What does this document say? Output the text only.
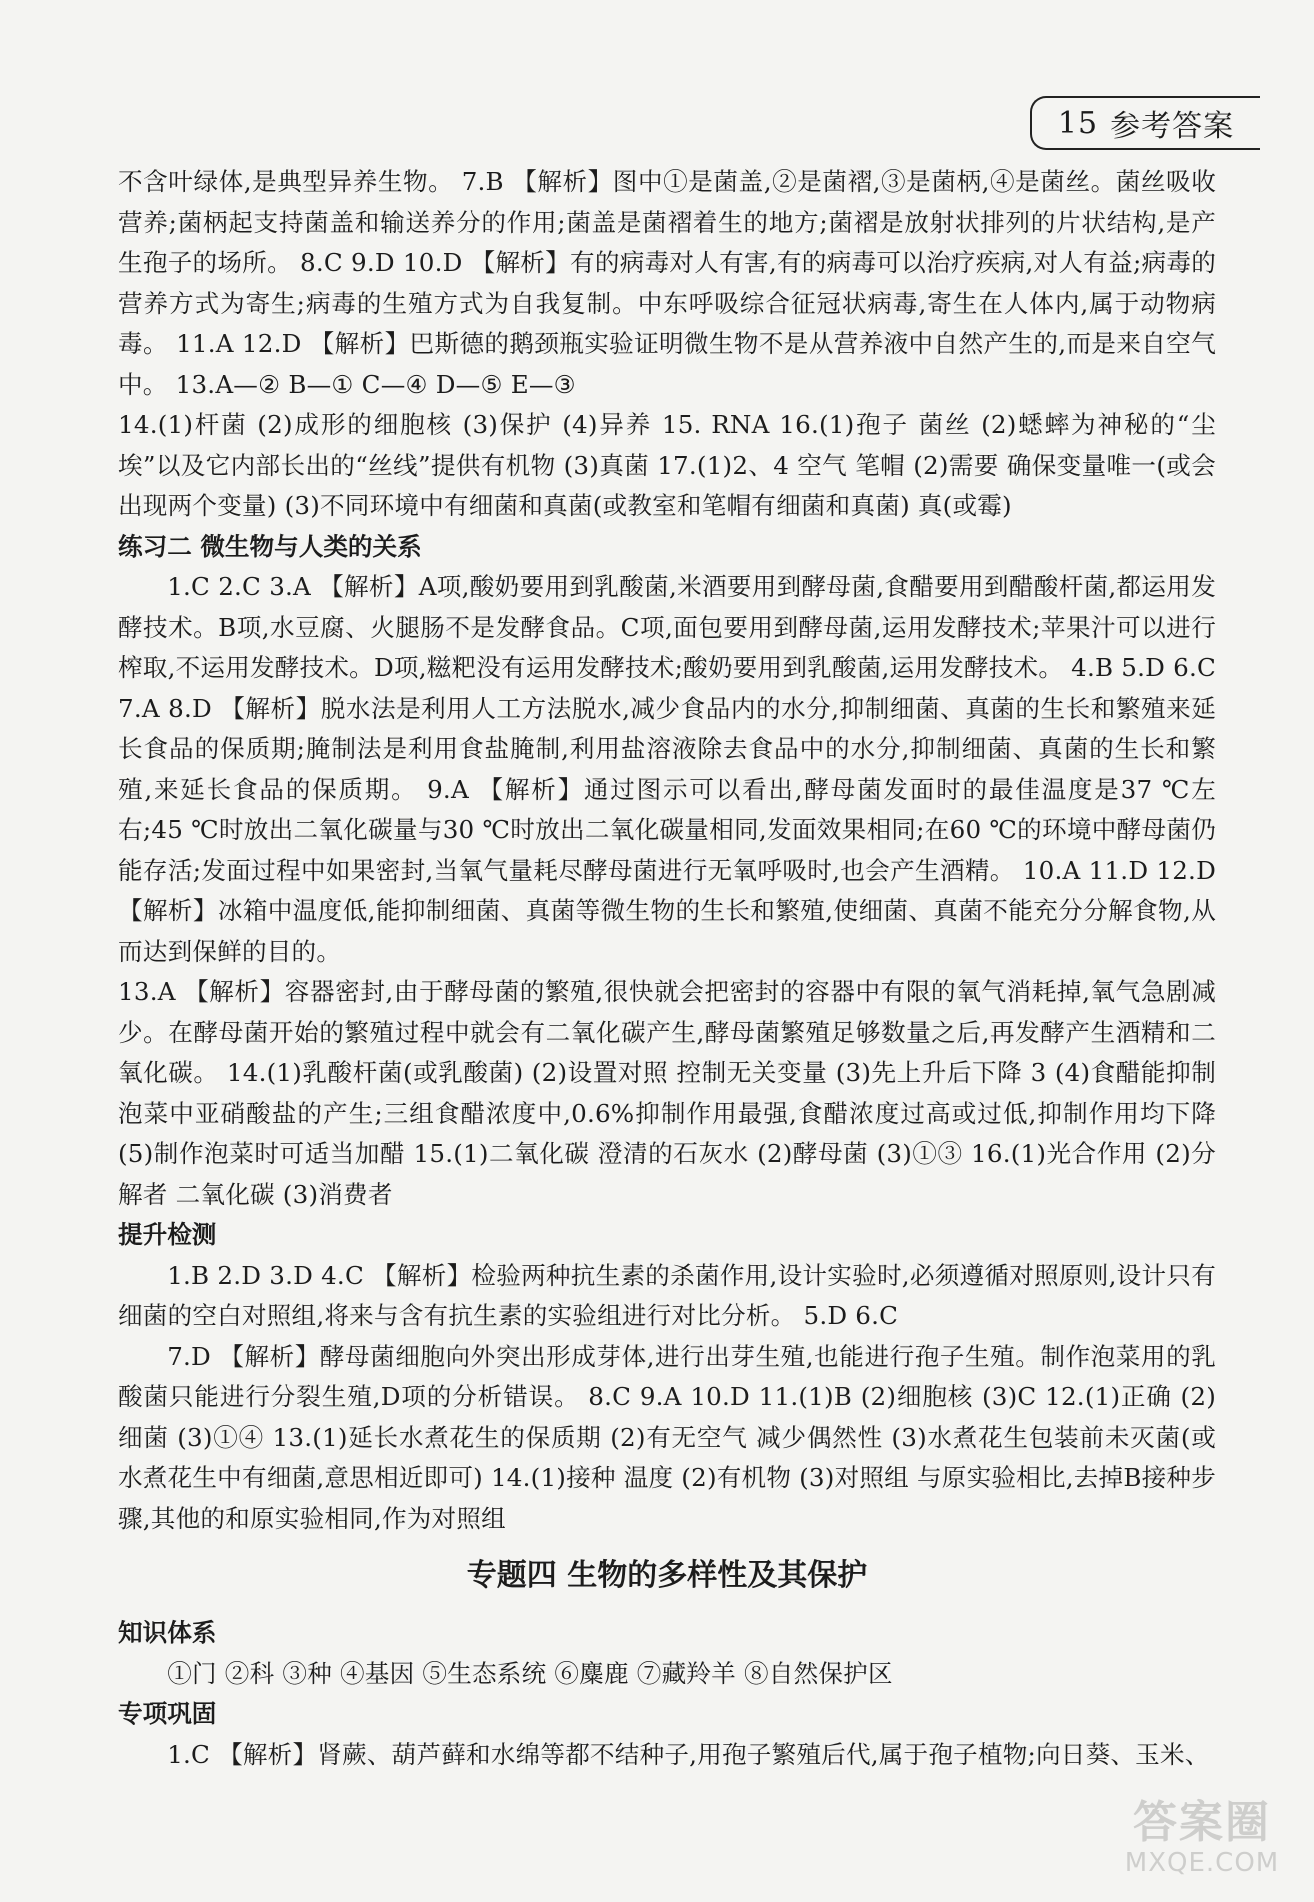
15 参考答案

不含叶绿体,是典型异养生物。 7.B 【解析】图中①是菌盖,②是菌褶,③是菌柄,④是菌丝。菌丝吸收营养;菌柄起支持菌盖和输送养分的作用;菌盖是菌褶着生的地方;菌褶是放射状排列的片状结构,是产生孢子的场所。 8.C 9.D 10.D 【解析】有的病毒对人有害,有的病毒可以治疗疾病,对人有益;病毒的营养方式为寄生;病毒的生殖方式为自我复制。中东呼吸综合征冠状病毒,寄生在人体内,属于动物病毒。 11.A 12.D 【解析】巴斯德的鹅颈瓶实验证明微生物不是从营养液中自然产生的,而是来自空气中。 13.A—② B—① C—④ D—⑤ E—③

14.(1)杆菌 (2)成形的细胞核 (3)保护 (4)异养 15. RNA 16.(1)孢子 菌丝 (2)蟋蟀为神秘的“尘埃”以及它内部长出的“丝线”提供有机物 (3)真菌 17.(1)2、4 空气 笔帽 (2)需要 确保变量唯一(或会出现两个变量) (3)不同环境中有细菌和真菌(或教室和笔帽有细菌和真菌) 真(或霉)

练习二 微生物与人类的关系

1.C 2.C 3.A 【解析】A项,酸奶要用到乳酸菌,米酒要用到酵母菌,食醋要用到醋酸杆菌,都运用发酵技术。B项,水豆腐、火腿肠不是发酵食品。C项,面包要用到酵母菌,运用发酵技术;苹果汁可以进行榨取,不运用发酵技术。D项,糍粑没有运用发酵技术;酸奶要用到乳酸菌,运用发酵技术。 4.B 5.D 6.C 7.A 8.D 【解析】脱水法是利用人工方法脱水,减少食品内的水分,抑制细菌、真菌的生长和繁殖来延长食品的保质期;腌制法是利用食盐腌制,利用盐溶液除去食品中的水分,抑制细菌、真菌的生长和繁殖,来延长食品的保质期。 9.A 【解析】通过图示可以看出,酵母菌发面时的最佳温度是37 ℃左右;45 ℃时放出二氧化碳量与30 ℃时放出二氧化碳量相同,发面效果相同;在60 ℃的环境中酵母菌仍能存活;发面过程中如果密封,当氧气量耗尽酵母菌进行无氧呼吸时,也会产生酒精。 10.A 11.D 12.D 【解析】冰箱中温度低,能抑制细菌、真菌等微生物的生长和繁殖,使细菌、真菌不能充分分解食物,从而达到保鲜的目的。

13.A 【解析】容器密封,由于酵母菌的繁殖,很快就会把密封的容器中有限的氧气消耗掉,氧气急剧减少。在酵母菌开始的繁殖过程中就会有二氧化碳产生,酵母菌繁殖足够数量之后,再发酵产生酒精和二氧化碳。 14.(1)乳酸杆菌(或乳酸菌) (2)设置对照 控制无关变量 (3)先上升后下降 3 (4)食醋能抑制泡菜中亚硝酸盐的产生;三组食醋浓度中,0.6%抑制作用最强,食醋浓度过高或过低,抑制作用均下降 (5)制作泡菜时可适当加醋 15.(1)二氧化碳 澄清的石灰水 (2)酵母菌 (3)①③ 16.(1)光合作用 (2)分解者 二氧化碳 (3)消费者

提升检测

1.B 2.D 3.D 4.C 【解析】检验两种抗生素的杀菌作用,设计实验时,必须遵循对照原则,设计只有细菌的空白对照组,将来与含有抗生素的实验组进行对比分析。 5.D 6.C

7.D 【解析】酵母菌细胞向外突出形成芽体,进行出芽生殖,也能进行孢子生殖。制作泡菜用的乳酸菌只能进行分裂生殖,D项的分析错误。 8.C 9.A 10.D 11.(1)B (2)细胞核 (3)C 12.(1)正确 (2)细菌 (3)①④ 13.(1)延长水煮花生的保质期 (2)有无空气 减少偶然性 (3)水煮花生包装前未灭菌(或水煮花生中有细菌,意思相近即可) 14.(1)接种 温度 (2)有机物 (3)对照组 与原实验相比,去掉B接种步骤,其他的和原实验相同,作为对照组

专题四 生物的多样性及其保护
知识体系

①门 ②科 ③种 ④基因 ⑤生态系统 ⑥麋鹿 ⑦藏羚羊 ⑧自然保护区

专项巩固

1.C 【解析】肾蕨、葫芦藓和水绵等都不结种子,用孢子繁殖后代,属于孢子植物;向日葵、玉米、

答案圈
MXQE.COM
